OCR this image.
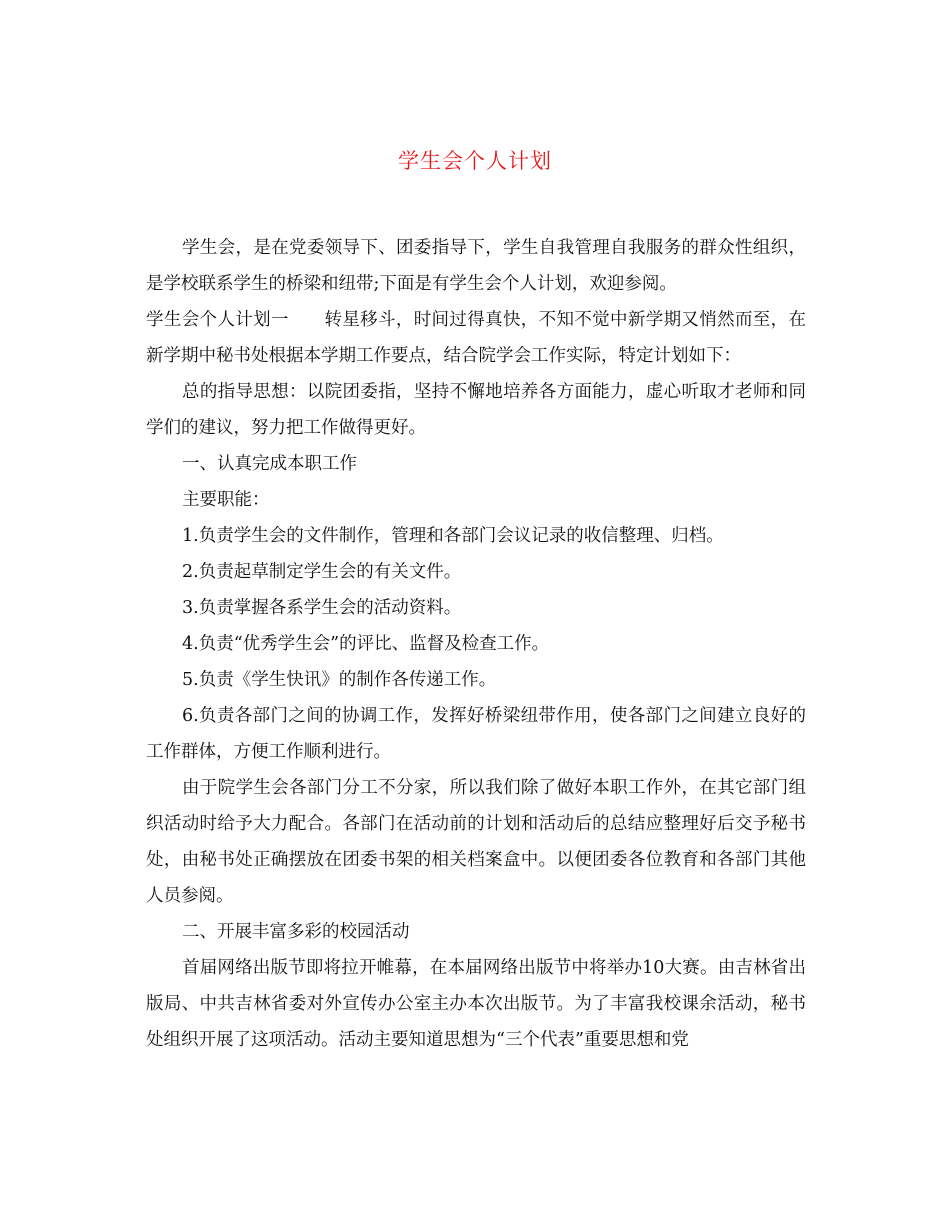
学生会个人计划

学生会，是在党委领导下、团委指导下，学生自我管理自我服务的群众性组织，是学校联系学生的桥梁和纽带;下面是有学生会个人计划，欢迎参阅。

学生会个人计划一　　转星移斗，时间过得真快，不知不觉中新学期又悄然而至，在新学期中秘书处根据本学期工作要点，结合院学会工作实际，特定计划如下：

总的指导思想：以院团委指，坚持不懈地培养各方面能力，虚心听取才老师和同学们的建议，努力把工作做得更好。

一、认真完成本职工作

主要职能：

1.负责学生会的文件制作，管理和各部门会议记录的收信整理、归档。

2.负责起草制定学生会的有关文件。

3.负责掌握各系学生会的活动资料。

4.负责“优秀学生会”的评比、监督及检查工作。

5.负责《学生快讯》的制作各传递工作。

6.负责各部门之间的协调工作，发挥好桥梁纽带作用，使各部门之间建立良好的工作群体，方便工作顺利进行。

由于院学生会各部门分工不分家，所以我们除了做好本职工作外，在其它部门组织活动时给予大力配合。各部门在活动前的计划和活动后的总结应整理好后交予秘书处，由秘书处正确摆放在团委书架的相关档案盒中。以便团委各位教育和各部门其他人员参阅。

二、开展丰富多彩的校园活动

首届网络出版节即将拉开帷幕，在本届网络出版节中将举办10大赛。由吉林省出版局、中共吉林省委对外宣传办公室主办本次出版节。为了丰富我校课余活动，秘书处组织开展了这项活动。活动主要知道思想为“三个代表”重要思想和党
